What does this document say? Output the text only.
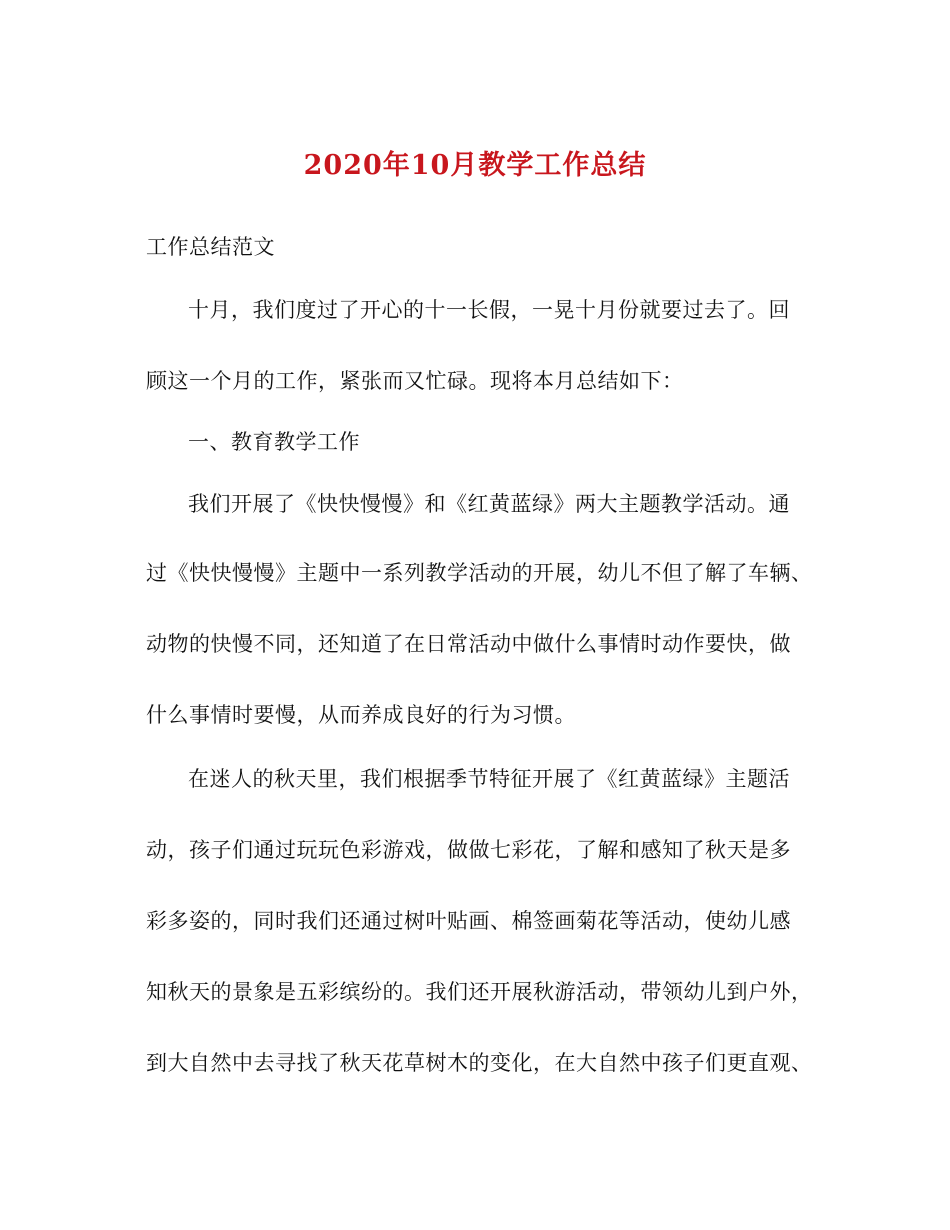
2020年10月教学工作总结
工作总结范文
十月，我们度过了开心的十一长假，一晃十月份就要过去了。回
顾这一个月的工作，紧张而又忙碌。现将本月总结如下：
一、教育教学工作
我们开展了《快快慢慢》和《红黄蓝绿》两大主题教学活动。通
过《快快慢慢》主题中一系列教学活动的开展，幼儿不但了解了车辆、
动物的快慢不同，还知道了在日常活动中做什么事情时动作要快，做
什么事情时要慢，从而养成良好的行为习惯。
在迷人的秋天里，我们根据季节特征开展了《红黄蓝绿》主题活
动，孩子们通过玩玩色彩游戏，做做七彩花，了解和感知了秋天是多
彩多姿的，同时我们还通过树叶贴画、棉签画菊花等活动，使幼儿感
知秋天的景象是五彩缤纷的。我们还开展秋游活动，带领幼儿到户外，
到大自然中去寻找了秋天花草树木的变化，在大自然中孩子们更直观、
